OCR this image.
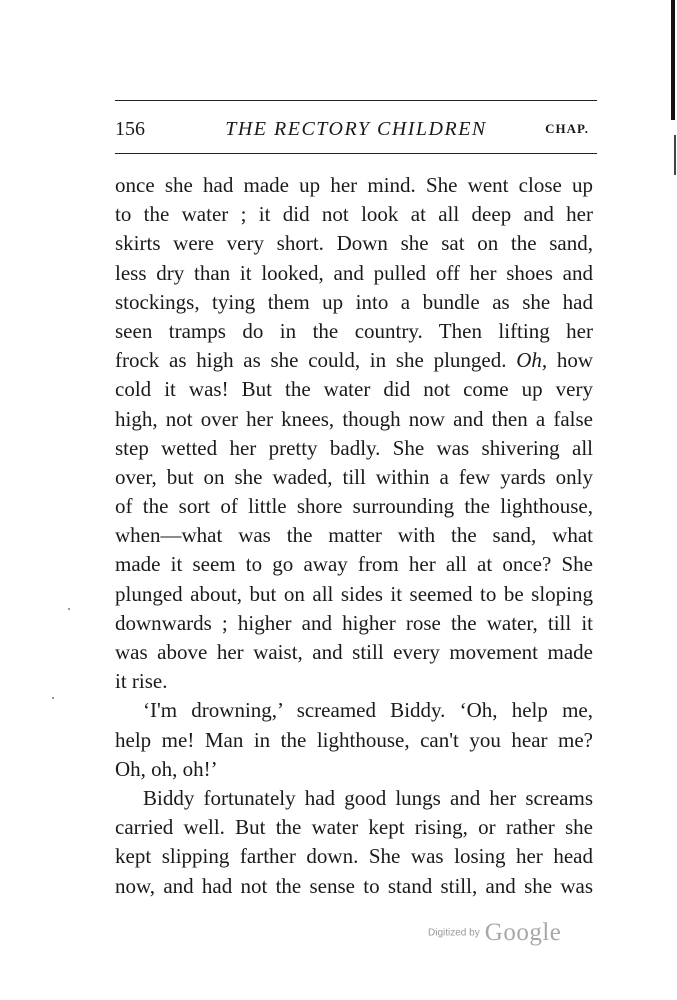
156	THE RECTORY CHILDREN	CHAP.
once she had made up her mind. She went close up
to the water ; it did not look at all deep and her
skirts were very short. Down she sat on the sand,
less dry than it looked, and pulled off her shoes and
stockings, tying them up into a bundle as she had
seen tramps do in the country. Then lifting her
frock as high as she could, in she plunged. Oh, how
cold it was! But the water did not come up very
high, not over her knees, though now and then a false
step wetted her pretty badly. She was shivering all
over, but on she waded, till within a few yards only
of the sort of little shore surrounding the lighthouse,
when—what was the matter with the sand, what
made it seem to go away from her all at once? She
plunged about, but on all sides it seemed to be sloping
downwards ; higher and higher rose the water, till it
was above her waist, and still every movement made
it rise.
‘I'm drowning,’ screamed Biddy. ‘Oh, help me,
help me! Man in the lighthouse, can't you hear me?
Oh, oh, oh!’
Biddy fortunately had good lungs and her screams
carried well. But the water kept rising, or rather she
kept slipping farther down. She was losing her head
now, and had not the sense to stand still, and she was
Digitized by Google
